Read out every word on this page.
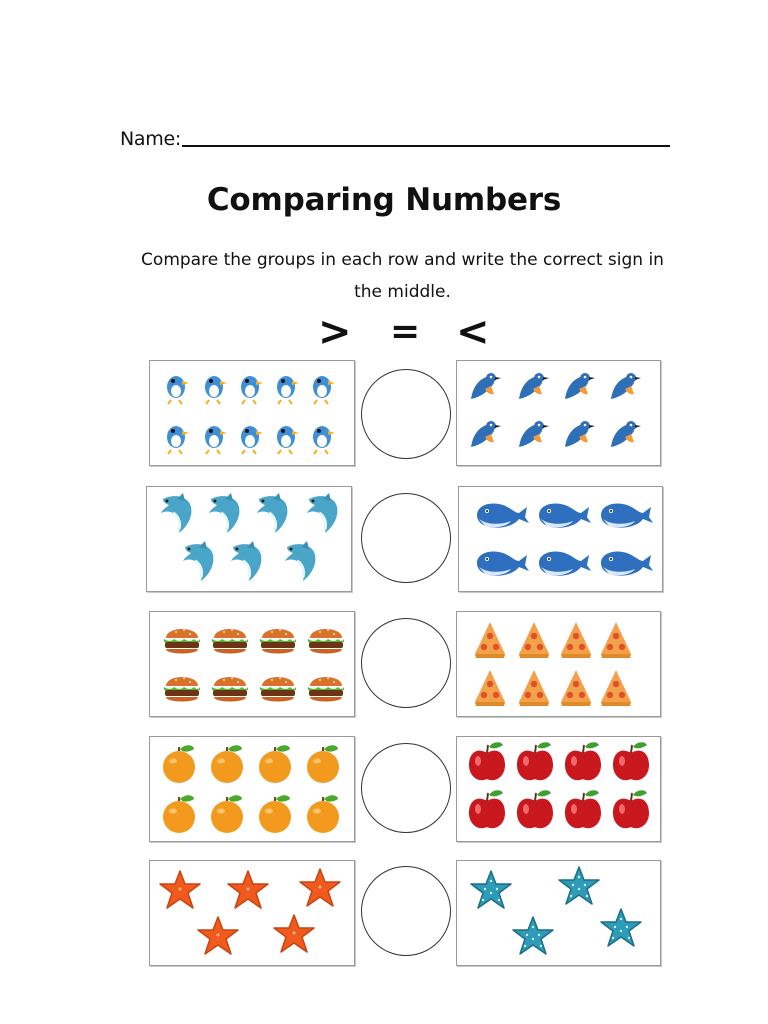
Name:
Comparing Numbers
Compare the groups in each row and write the correct sign in the middle.
> = <
